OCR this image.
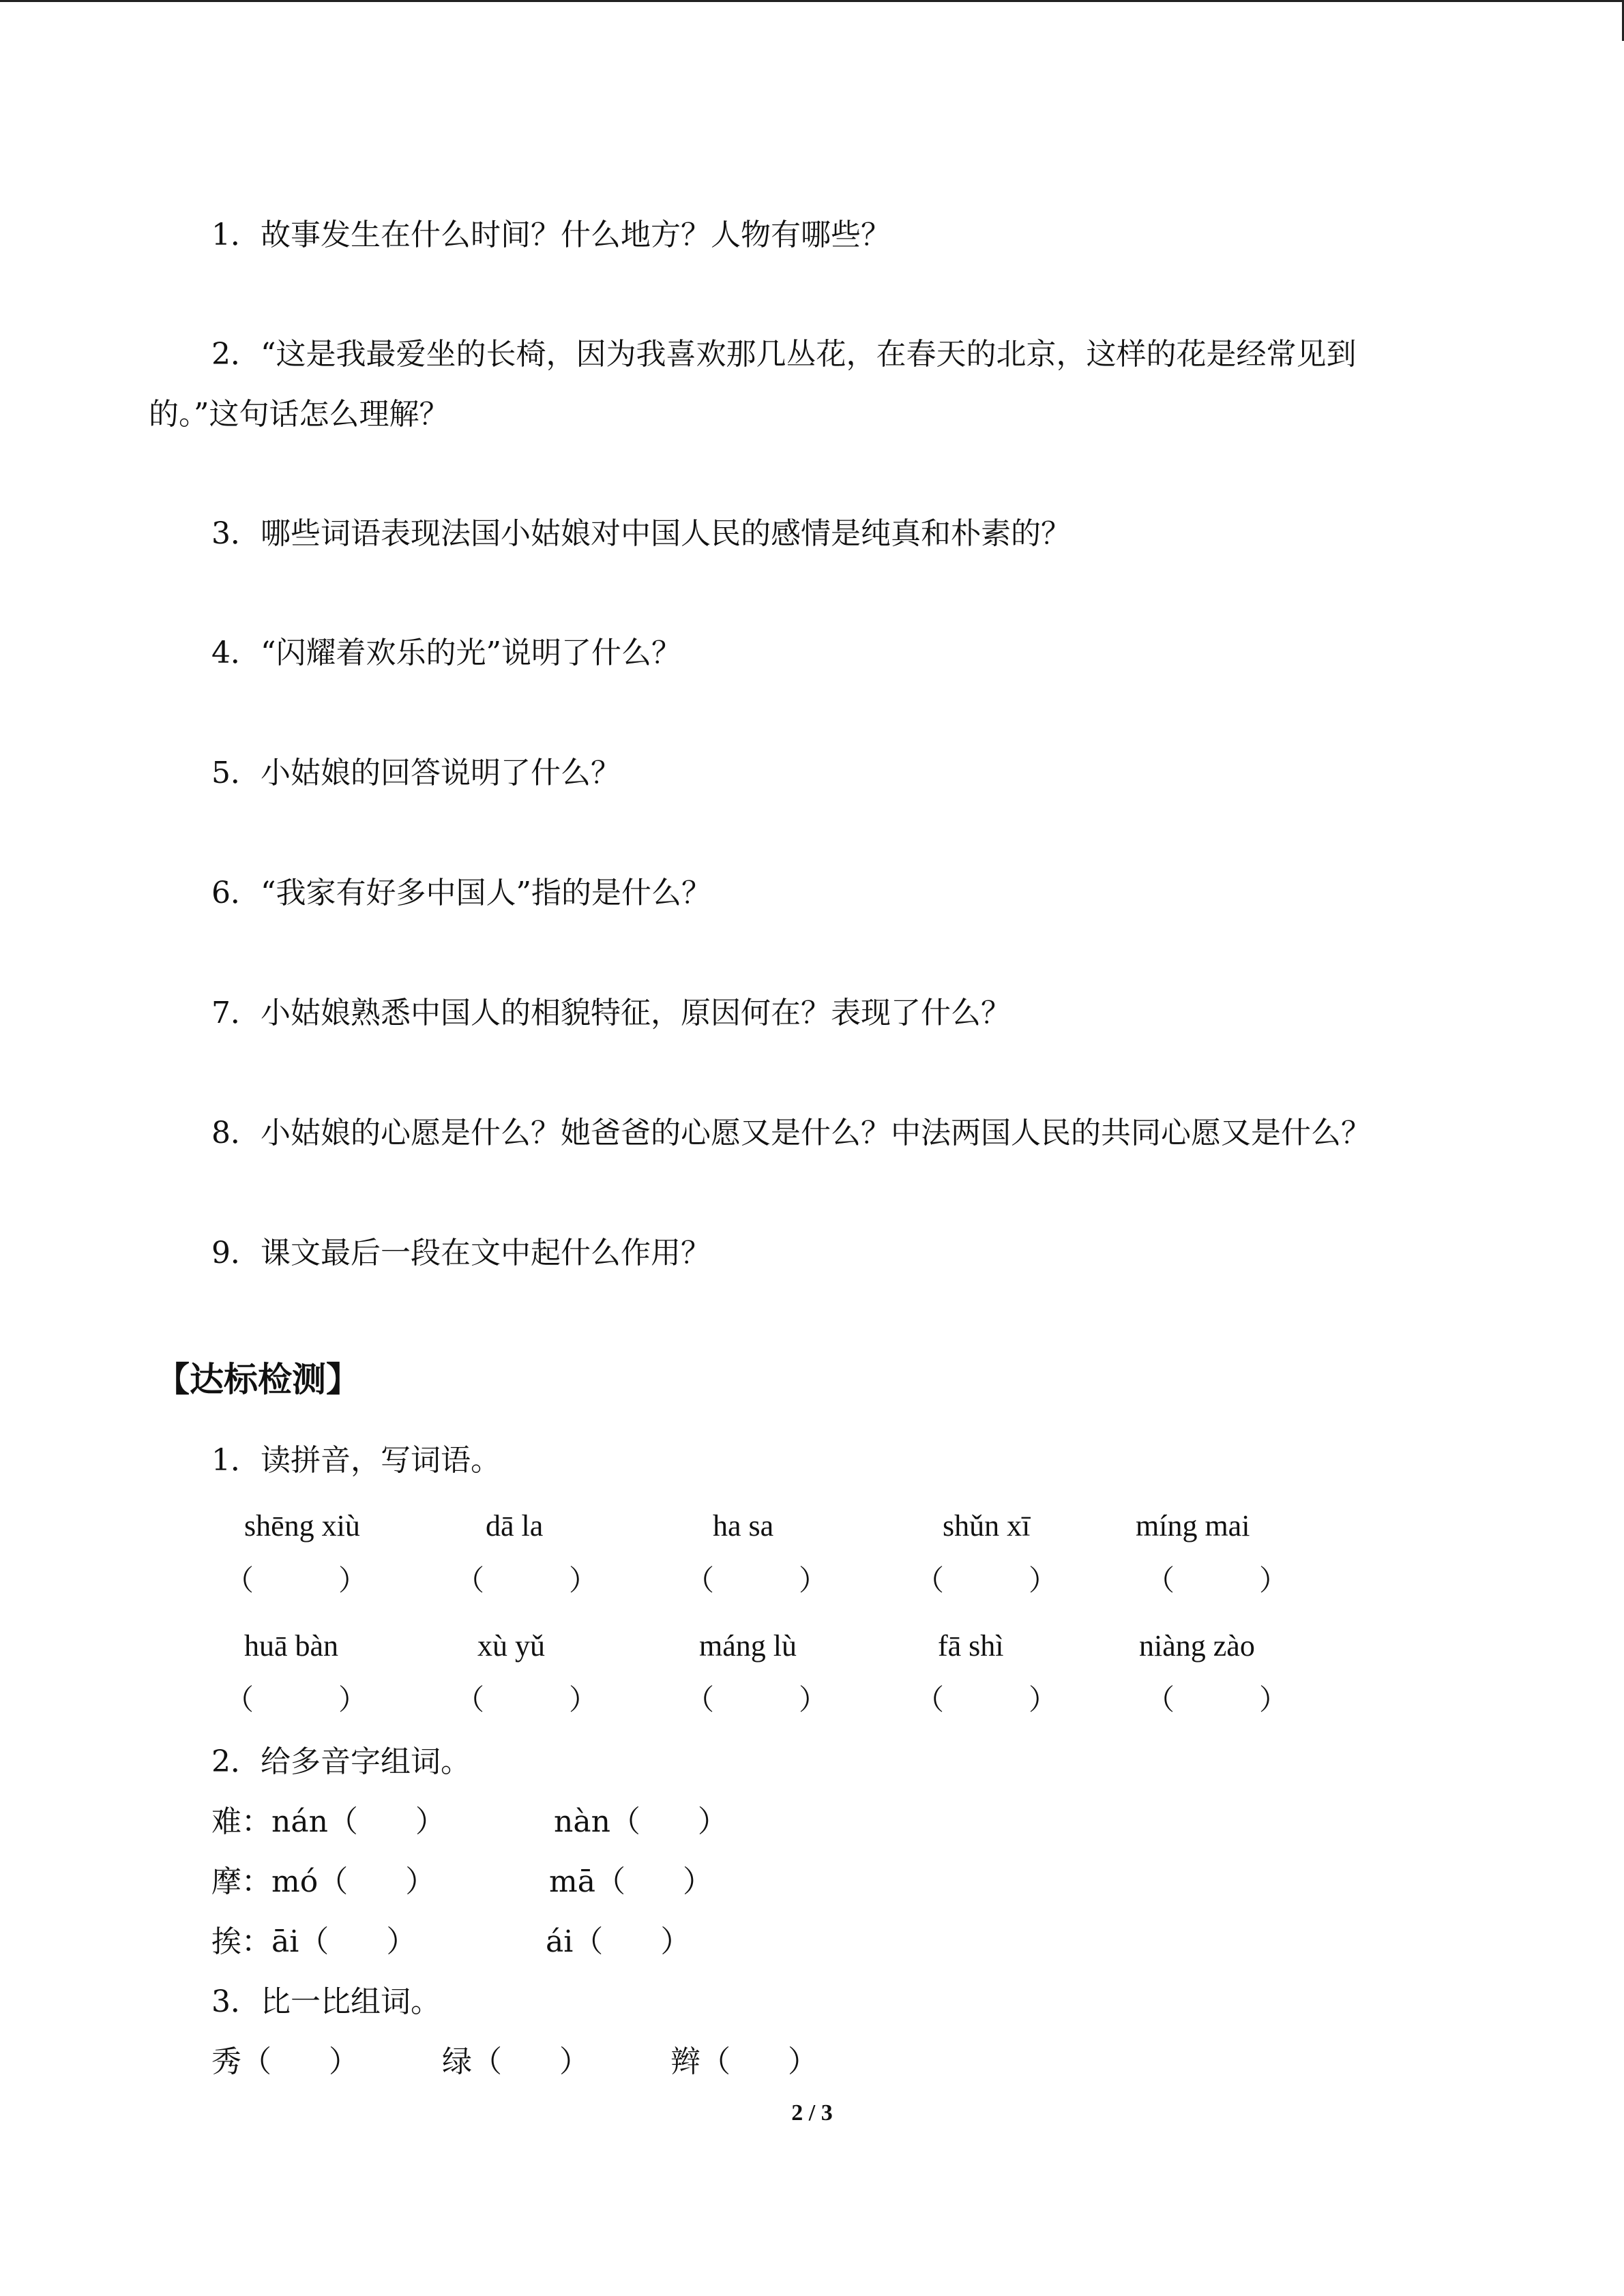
1．故事发生在什么时间？什么地方？人物有哪些？
2．“这是我最爱坐的长椅，因为我喜欢那几丛花，在春天的北京，这样的花是经常见到
的。”这句话怎么理解？
3．哪些词语表现法国小姑娘对中国人民的感情是纯真和朴素的？
4．“闪耀着欢乐的光”说明了什么？
5．小姑娘的回答说明了什么？
6．“我家有好多中国人”指的是什么？
7．小姑娘熟悉中国人的相貌特征，原因何在？表现了什么？
8．小姑娘的心愿是什么？她爸爸的心愿又是什么？中法两国人民的共同心愿又是什么？
9．课文最后一段在文中起什么作用？
【达标检测】
1．读拼音，写词语。
shēng xiù	dā la	ha sa	shǔn xī	míng mai
（	）	（	）	（	）	（	）	（	）
huā bàn	xù yǔ	máng lù	fā shì	niàng zào
（	）	（	）	（	）	（	）	（	）
2．给多音字组词。
难：nán（ ）	nàn（ ）
摩：mó（ ）	mā（ ）
挨：āi（ ）	ái（ ）
3．比一比组词。
秀（ ）	绿（ ）	辫（ ）
2 / 3
